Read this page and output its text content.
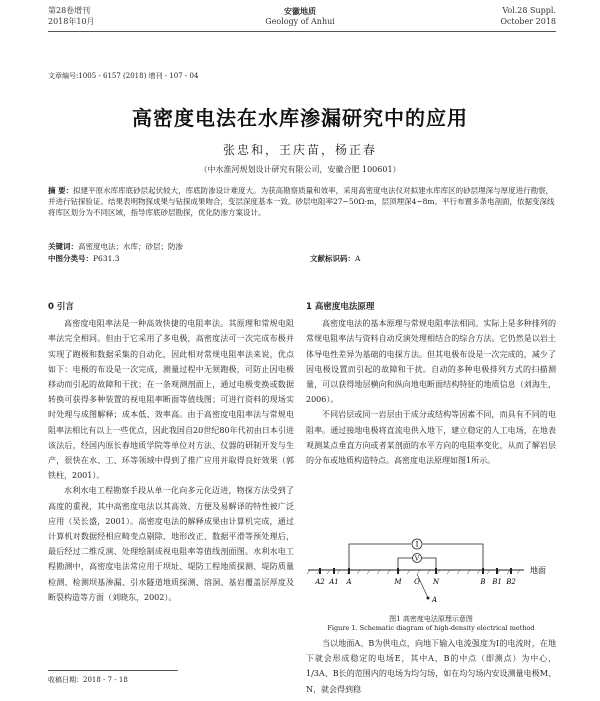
第28卷增刊
2018年10月
安徽地质
Geology of Anhui
Vol.28 Suppl.
October 2018
文章编号:1005 - 6157 (2018) 增刊 - 107 - 04
高密度电法在水库渗漏研究中的应用
张忠和，王庆苗，杨正春
（中水淮河规划设计研究有限公司，安徽合肥 100601）
摘 要：拟建平原水库库底砂层起伏较大，库底防渗设计难度大。为获高勘察质量和效率，采用高密度电法仪对拟建水库库区的砂层埋深与厚度进行勘察，并进行钻探验证。结果表明物探成果与钻探成果吻合，变层深度基本一致。砂层电阻率27~50Ω·m，层顶埋深4~8m。平行布置多条电剖面，依据变深线将库区划分为不同区域，指导库底砂层勘探，优化防渗方案设计。
关键词：高密度电法；水库；砂层；防渗
中图分类号：P631.3	文献标识码：A
0 引言

高密度电阻率法是一种高效快捷的电阻率法。其原理和常规电阻率法完全相同。但由于它采用了多电极，高密度法可一次完成布极并实现了跑极和数据采集的自动化，因此相对常规电阻率法来说，优点如下：电极的布设是一次完成，测量过程中无须跑极，可防止因电极移动而引起的故障和干扰；在一条观测剖面上，通过电极变换或数据转换可获得多种装置的视电阻率断面等值线图；可进行资料的现场实时处理与成图解释；成本低、效率高。由于高密度电阻率法与常规电阻率法相比有以上一些优点，因此我国自20世纪80年代初由日本引进该法后，经国内原长春地质学院等单位对方法、仪器的研制开发与生产，很快在水、工、环等领域中得到了推广应用并取得良好效果（郭铁柱，2001）。

水利水电工程勘察手段从单一化向多元化迈进，物探方法受到了高度的重视，其中高密度电法以其高效、方便及易解译的特性被广泛应用（吴长盛，2001）。高密度电法的解释成果由计算机完成，通过计算机对数据经相应畸变点剔除、地形改正、数据平滑等预处理后，最后经过二维反演、处理绘制成视电阻率等值线剖面图。水利水电工程勘测中，高密度电法常应用于坝址、堤防工程地质探测、堤防质量检测、检测坝基渗漏、引水隧道地质探测、溶洞、基岩覆盖层厚度及断裂构造等方面（刘晓东，2002）。

收稿日期：2018 - 7 - 18
1 高密度电法原理

高密度电法的基本原理与常规电阻率法相同。实际上是多种排列的常规电阻率法与资料自动反演处理相结合的综合方法。它仍然是以岩土体导电性差异为基础的电探方法。但其电极布设是一次完成的，减少了因电极设置而引起的故障和干扰。自动的多种电极排列方式的扫描测量，可以获得地层横向和纵向地电断面结构特征的地质信息（刘海生，2006）。

不同岩层或同一岩层由于成分或结构等因素不同，而具有不同的电阻率。通过接地电极将直流电供入地下，建立稳定的人工电场，在地表观测某点垂直方向或者某剖面的水平方向的电阻率变化，从而了解岩层的分布或地质构造特点。高密度电法原理如图1所示。

I
V
地面
A2 A1 A	M O N	B B1 B2
A
图1 高密度电法原理示意图
Figure 1. Schematic diagram of high-density electrical method

当以地面A、B为供电点，向地下输入电流强度为I的电流时，在地下就会形成稳定的电场E，其中A、B的中点（即测点）为中心，1/3A、B长的范围内的电场为均匀场，如在均匀场内安设测量电极M、N，就会得到稳
